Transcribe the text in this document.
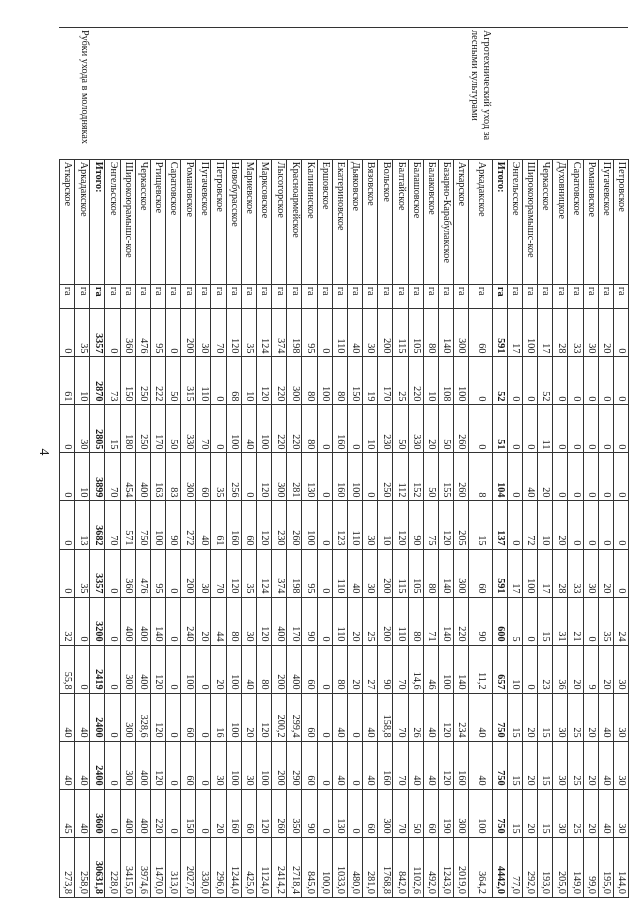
4
	Петровское	га	0	0	0	0	0	0	24	30	30	30	30	144,0
	Пугачевское	га	20	0	0	0	0	20	35	20	40	40	40	195,0
	Романовское	га	30	0	0	0	0	30	0	9	20	20	20	99,0
	Саратовское	га	33	0	0	0	0	33	21	20	25	25	25	149,0
	Духовницкое	га	28	0	0	0	20	28	31	36	30	30	30	205,0
	Черкасское	га	17	52	11	20	10	17	15	23	15	15	15	193,0
	Широкоюрамышс-кое	га	100	0	0	40	72	100	0	0	20	20	20	292,0
	Энгельсское	га	17	0	0	0	0	17	5	10	15	15	15	77,0
	Итого:	га	591	52	51	104	137	591	600	657	750	750	750	4442,0
Агротехнический уход за лесными культурами	Аркадакское	га	60	0	0	8	15	60	90	11,2	40	40	100	364,2
	Аткарское	га	300	100	260	260	205	300	220	140	234	160	300	2019,0
	Базарно-Карабулакское	га	140	108	50	155	120	140	140	100	120	120	190	1243,0
	Балаковское	га	80	10	20	50	75	80	71	46	40	40	60	492,0
	Балашовское	га	105	220	330	152	90	105	80	14,6	26	40	50	1102,6
	Балтайское	га	115	25	50	112	120	115	110	70	70	70	70	842,0
	Вольское	га	200	170	230	250	10	200	200	90	158,8	160	300	1768,8
	Вязовское	га	30	19	10	0	30	30	25	27	40	40	60	281,0
	Дьяковское	га	40	150	0	100	110	40	20	20	0	0	0	480,0
	Екатериновское	га	110	80	160	160	123	110	110	80	40	40	130	1033,0
	Ершовское	га	0	100	0	0	0	0	0	0	0	0	0	100,0
	Калининское	га	95	80	80	130	100	95	90	60	60	60	90	845,0
	Красноармейское	га	198	300	220	281	260	198	170	400	299,4	290	350	2718,4
	Лысогорское	га	374	220	220	300	230	374	400	200	200,2	200	260	2414,2
	Марксовское	га	124	120	100	120	120	124	120	80	120	100	120	1124,0
	Мариевское	га	35	10	40	0	60	35	30	40	20	30	60	425,0
	Новобурасское	га	120	68	100	256	160	120	80	100	100	100	160	1244,0
	Петровское	га	70	0	0	35	61	70	44	20	16	30	20	296,0
	Пугачевское	га	30	110	70	60	40	30	20	0	0	0	0	330,0
	Романовское	га	200	315	330	300	272	200	240	100	60	60	150	2027,0
	Саратовское	га	0	50	50	83	90	0	0	0	0	0	0	313,0
	Ртищевское	га	95	222	170	163	100	95	140	120	120	120	220	1470,0
	Черкасское	га	476	250	250	400	750	476	400	400	328,6	400	400	3974,6
	Широкоюрамышс-кое	га	360	150	180	454	571	360	400	300	300	300	400	3415,0
	Энгельсское	га	0	73	15	70	70	0	0	0	0	0	0	228,0
	Итого:	га	3357	2870	2805	3899	3682	3357	3200	2419	2400	2400	3600	30631,8
Рубки ухода в молодняках	Аркадакское	га	35	10	30	10	13	35	0	0	40	40	40	258,0
	Аткарское	га	0	61	0	0	0	0	32	55,8	40	40	45	273,8
